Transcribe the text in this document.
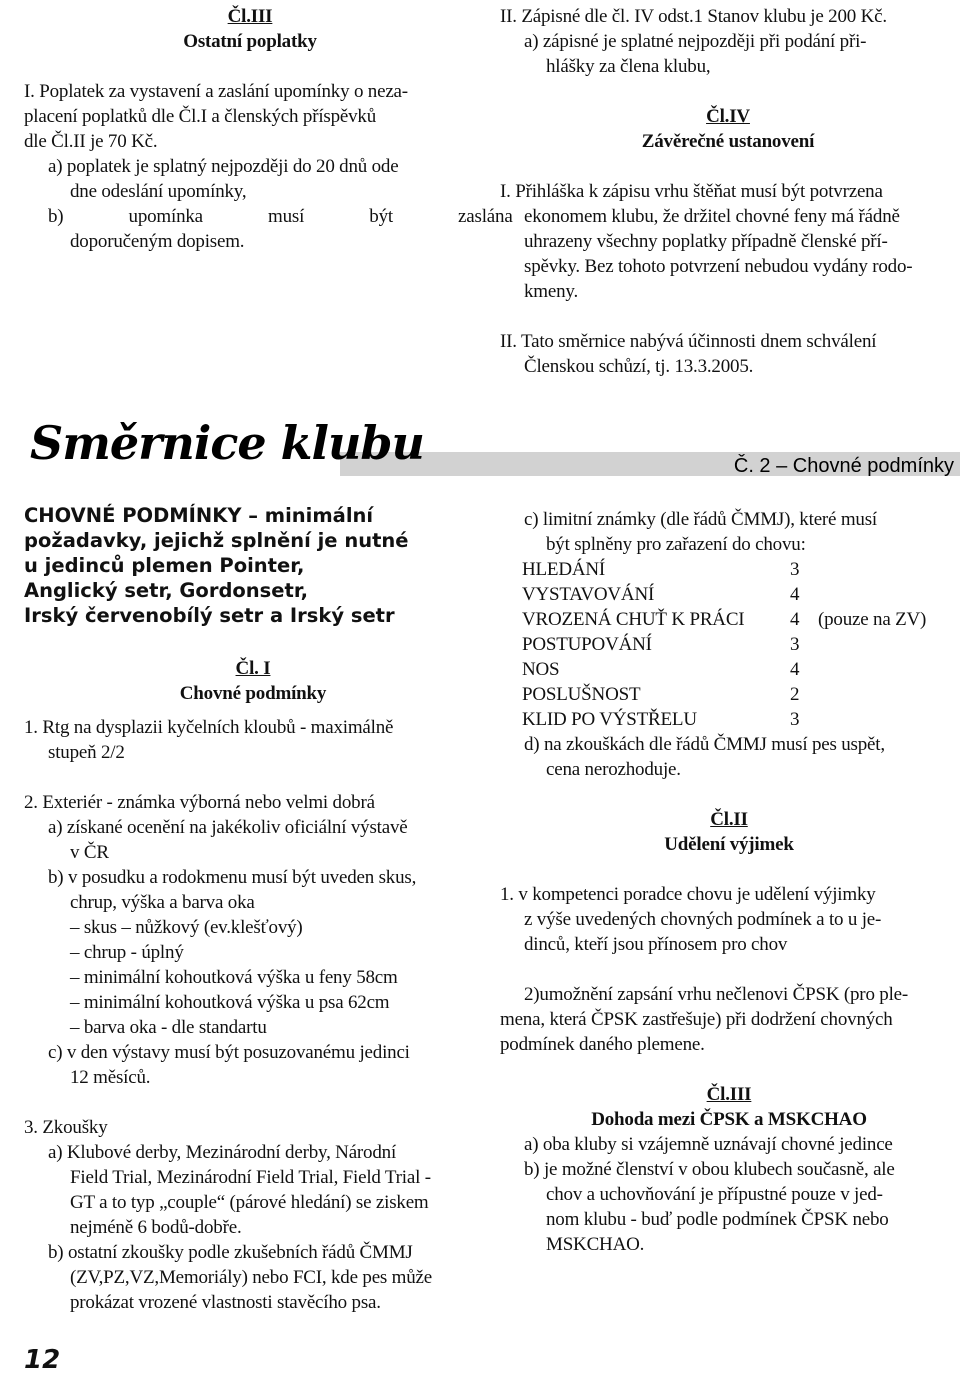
Čl.III

Ostatní poplatky

I. Poplatek za vystavení a zaslání upomínky o neza-

placení poplatků dle Čl.I a členských příspěvků

dle Čl.II je 70 Kč.

a) poplatek je splatný nejpozději do 20 dnů ode

dne odeslání upomínky,

b)  upomínka  musí  být  zaslána

doporučeným dopisem.

II. Zápisné dle čl. IV odst.1 Stanov klubu je 200 Kč.

a) zápisné je splatné nejpozději při podání při-

hlášky za člena klubu,

Čl.IV

Závěrečné ustanovení

I. Přihláška k zápisu vrhu štěňat musí být potvrzena

ekonomem klubu, že držitel chovné feny má řádně

uhrazeny všechny poplatky případně členské pří-

spěvky. Bez tohoto potvrzení nebudou vydány rodo-

kmeny.

II. Tato směrnice nabývá účinnosti dnem schválení

Členskou schůzí, tj. 13.3.2005.

Směrnice klubu	Č. 2 – Chovné podmínky
CHOVNÉ PODMÍNKY – minimální
požadavky, jejichž splnění je nutné
u jedinců plemen Pointer,
Anglický setr, Gordonsetr,
Irský červenobílý setr a Irský setr

Čl. I

Chovné podmínky

1. Rtg na dysplazii kyčelních kloubů - maximálně

stupeň 2/2

2. Exteriér - známka výborná nebo velmi dobrá

a) získané ocenění na jakékoliv oficiální výstavě

v ČR

b) v posudku a rodokmenu musí být uveden skus,

chrup, výška a barva oka

– skus – nůžkový (ev.klešťový)

– chrup - úplný

– minimální kohoutková výška u feny 58cm

– minimální kohoutková výška u psa 62cm

– barva oka - dle standartu

c) v den výstavy musí být posuzovanému jedinci

12 měsíců.

3. Zkoušky

a) Klubové derby, Mezinárodní derby, Národní

Field Trial, Mezinárodní Field Trial, Field Trial -

GT a to typ „couple“ (párové hledání) se ziskem

nejméně 6 bodů-dobře.

b) ostatní zkoušky podle zkušebních řádů ČMMJ

(ZV,PZ,VZ,Memoriály) nebo FCI, kde pes může

prokázat vrozené vlastnosti stavěcího psa.

c) limitní známky (dle řádů ČMMJ), které musí

být splněny pro zařazení do chovu:

HLEDÁNÍ	3
VYSTAVOVÁNÍ	4
VROZENÁ CHUŤ K PRÁCI	4 (pouze na ZV)
POSTUPOVÁNÍ	3
NOS	4
POSLUŠNOST	2
KLID PO VÝSTŘELU	3

d) na zkouškách dle řádů ČMMJ musí pes uspět,

cena nerozhoduje.

Čl.II

Udělení výjimek

1. v kompetenci poradce chovu je udělení výjimky

z výše uvedených chovných podmínek a to u je-

dinců, kteří jsou přínosem pro chov

2)umožnění zapsání vrhu nečlenovi ČPSK (pro ple-

mena, která ČPSK zastřešuje) při dodržení chovných

podmínek daného plemene.

Čl.III

Dohoda mezi ČPSK a MSKCHAO

a) oba kluby si vzájemně uznávají chovné jedince

b) je možné členství v obou klubech současně, ale

chov a uchovňování je přípustné pouze v jed-

nom klubu - buď podle podmínek ČPSK nebo

MSKCHAO.

12
